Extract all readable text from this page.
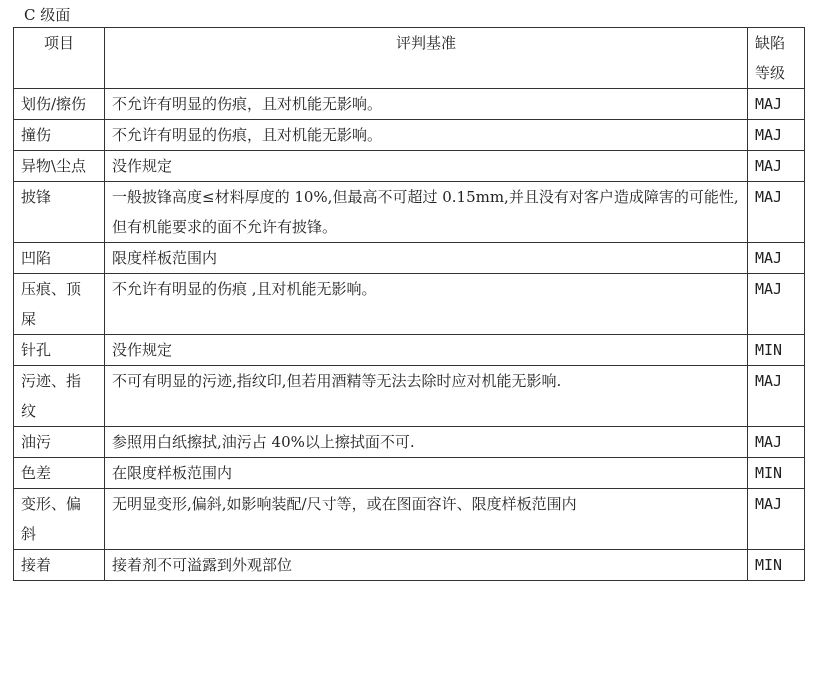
C 级面
项目	评判基准	缺陷等级

划伤/擦伤	不允许有明显的伤痕，且对机能无影响。	MAJ

撞伤	不允许有明显的伤痕，且对机能无影响。	MAJ

异物\尘点	没作规定	MAJ

披锋	一般披锋高度≤材料厚度的 10%,但最高不可超过 0.15mm,并且没有对客户造成障害的可能性,但有机能要求的面不允许有披锋。	MAJ

凹陷	限度样板范围内	MAJ

压痕、顶屎	不允许有明显的伤痕 ,且对机能无影响。	MAJ

针孔	没作规定	MIN

污迹、指纹	不可有明显的污迹,指纹印,但若用酒精等无法去除时应对机能无影响.	MAJ

油污	参照用白纸擦拭,油污占 40%以上擦拭面不可.	MAJ

色差	在限度样板范围内	MIN

变形、偏斜	无明显变形,偏斜,如影响装配/尺寸等，或在图面容许、限度样板范围内	MAJ

接着	接着剂不可溢露到外观部位	MIN
